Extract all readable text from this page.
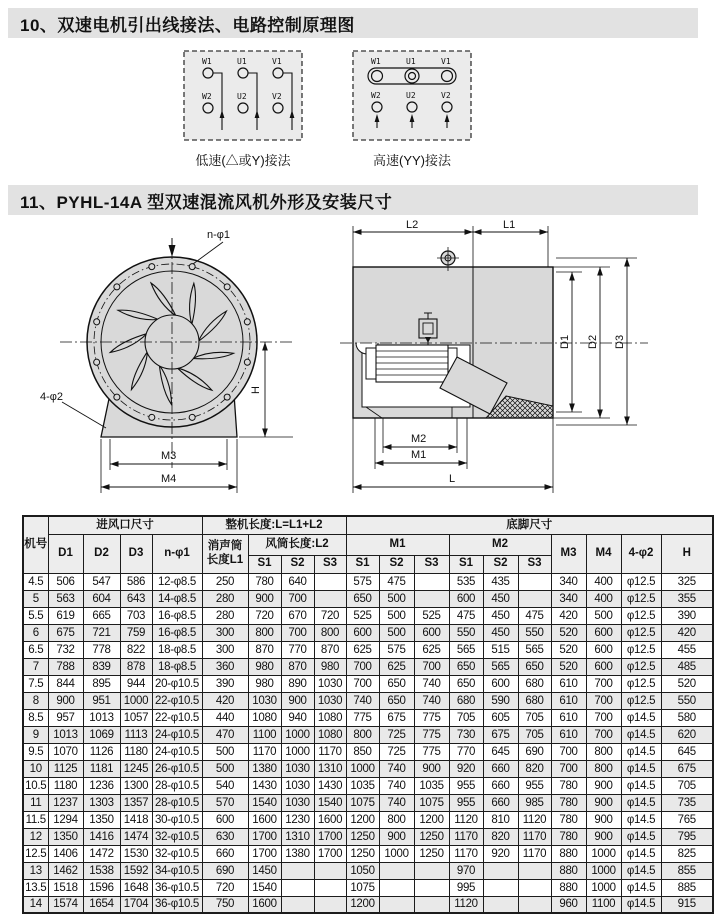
10、双速电机引出线接法、电路控制原理图
W1	U1	V1
W2	U2	V2
低速(△或Y)接法
W1	U1	V1
W2	U2	V2
高速(YY)接法
11、PYHL-14A 型双速混流风机外形及安装尺寸
n-φ1
4-φ2
H
M3
M4
L2	L1
D1 D2 D3
M2
M1
L
机号	进风口尺寸				整机长度:L=L1+L2				底脚尺寸									
	D1	D2	D3	n-φ1	消声筒长度L1	风筒长度:L2			M1			M2			M3	M4	4-φ2	H
						S1	S2	S3	S1	S2	S3	S1	S2	S3				
4.5	506	547	586	12-φ8.5	250	780	640		575	475		535	435		340	400	φ12.5	325
5	563	604	643	14-φ8.5	280	900	700		650	500		600	450		340	400	φ12.5	355
5.5	619	665	703	16-φ8.5	280	720	670	720	525	500	525	475	450	475	420	500	φ12.5	390
6	675	721	759	16-φ8.5	300	800	700	800	600	500	600	550	450	550	520	600	φ12.5	420
6.5	732	778	822	18-φ8.5	300	870	770	870	625	575	625	565	515	565	520	600	φ12.5	455
7	788	839	878	18-φ8.5	360	980	870	980	700	625	700	650	565	650	520	600	φ12.5	485
7.5	844	895	944	20-φ10.5	390	980	890	1030	700	650	740	650	600	680	610	700	φ12.5	520
8	900	951	1000	22-φ10.5	420	1030	900	1030	740	650	740	680	590	680	610	700	φ12.5	550
8.5	957	1013	1057	22-φ10.5	440	1080	940	1080	775	675	775	705	605	705	610	700	φ14.5	580
9	1013	1069	1113	24-φ10.5	470	1100	1000	1080	800	725	775	730	675	705	610	700	φ14.5	620
9.5	1070	1126	1180	24-φ10.5	500	1170	1000	1170	850	725	775	770	645	690	700	800	φ14.5	645
10	1125	1181	1245	26-φ10.5	500	1380	1030	1310	1000	740	900	920	660	820	700	800	φ14.5	675
10.5	1180	1236	1300	28-φ10.5	540	1430	1030	1430	1035	740	1035	955	660	955	780	900	φ14.5	705
11	1237	1303	1357	28-φ10.5	570	1540	1030	1540	1075	740	1075	955	660	985	780	900	φ14.5	735
11.5	1294	1350	1418	30-φ10.5	600	1600	1230	1600	1200	800	1200	1120	810	1120	780	900	φ14.5	765
12	1350	1416	1474	32-φ10.5	630	1700	1310	1700	1250	900	1250	1170	820	1170	780	900	φ14.5	795
12.5	1406	1472	1530	32-φ10.5	660	1700	1380	1700	1250	1000	1250	1170	920	1170	880	1000	φ14.5	825
13	1462	1538	1592	34-φ10.5	690	1450			1050			970			880	1000	φ14.5	855
13.5	1518	1596	1648	36-φ10.5	720	1540			1075			995			880	1000	φ14.5	885
14	1574	1654	1704	36-φ10.5	750	1600			1200			1120			960	1100	φ14.5	915
